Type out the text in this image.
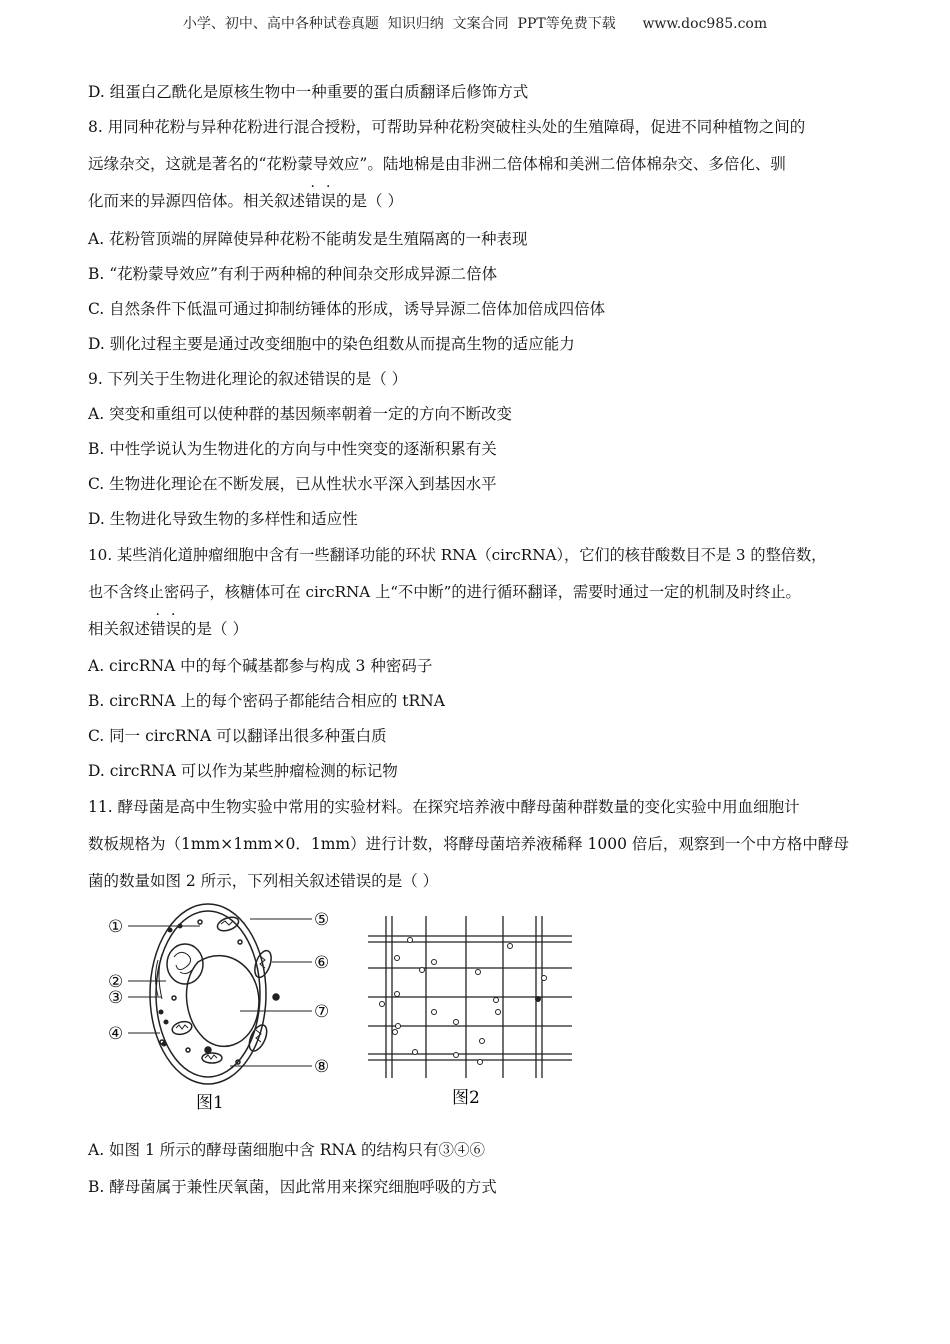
小学、初中、高中各种试卷真题  知识归纳  文案合同  PPT等免费下载      www.doc985.com
D. 组蛋白乙酰化是原核生物中一种重要的蛋白质翻译后修饰方式
8. 用同种花粉与异种花粉进行混合授粉，可帮助异种花粉突破柱头处的生殖障碍，促进不同种植物之间的
远缘杂交，这就是著名的“花粉蒙导效应”。陆地棉是由非洲二倍体棉和美洲二倍体棉杂交、多倍化、驯
化而来的异源四倍体。相关叙述错误的是（ ）
A. 花粉管顶端的屏障使异种花粉不能萌发是生殖隔离的一种表现
B. “花粉蒙导效应”有利于两种棉的种间杂交形成异源二倍体
C. 自然条件下低温可通过抑制纺锤体的形成，诱导异源二倍体加倍成四倍体
D. 驯化过程主要是通过改变细胞中的染色组数从而提高生物的适应能力
9. 下列关于生物进化理论的叙述错误的是（ ）
A. 突变和重组可以使种群的基因频率朝着一定的方向不断改变
B. 中性学说认为生物进化的方向与中性突变的逐渐积累有关
C. 生物进化理论在不断发展，已从性状水平深入到基因水平
D. 生物进化导致生物的多样性和适应性
10. 某些消化道肿瘤细胞中含有一些翻译功能的环状 RNA（circRNA），它们的核苷酸数目不是 3 的整倍数，
也不含终止密码子，核糖体可在 circRNA 上“不中断”的进行循环翻译，需要时通过一定的机制及时终止。
相关叙述错误的是（ ）
A. circRNA 中的每个碱基都参与构成 3 种密码子
B. circRNA 上的每个密码子都能结合相应的 tRNA
C. 同一 circRNA 可以翻译出很多种蛋白质
D. circRNA 可以作为某些肿瘤检测的标记物
11. 酵母菌是高中生物实验中常用的实验材料。在探究培养液中酵母菌种群数量的变化实验中用血细胞计
数板规格为（1mm×1mm×0．1mm）进行计数，将酵母菌培养液稀释 1000 倍后，观察到一个中方格中酵母
菌的数量如图 2 所示，下列相关叙述错误的是（ ）
①
②
③
④
⑤
⑥
⑦
⑧
图1	图2
A. 如图 1 所示的酵母菌细胞中含 RNA 的结构只有③④⑥
B. 酵母菌属于兼性厌氧菌，因此常用来探究细胞呼吸的方式
